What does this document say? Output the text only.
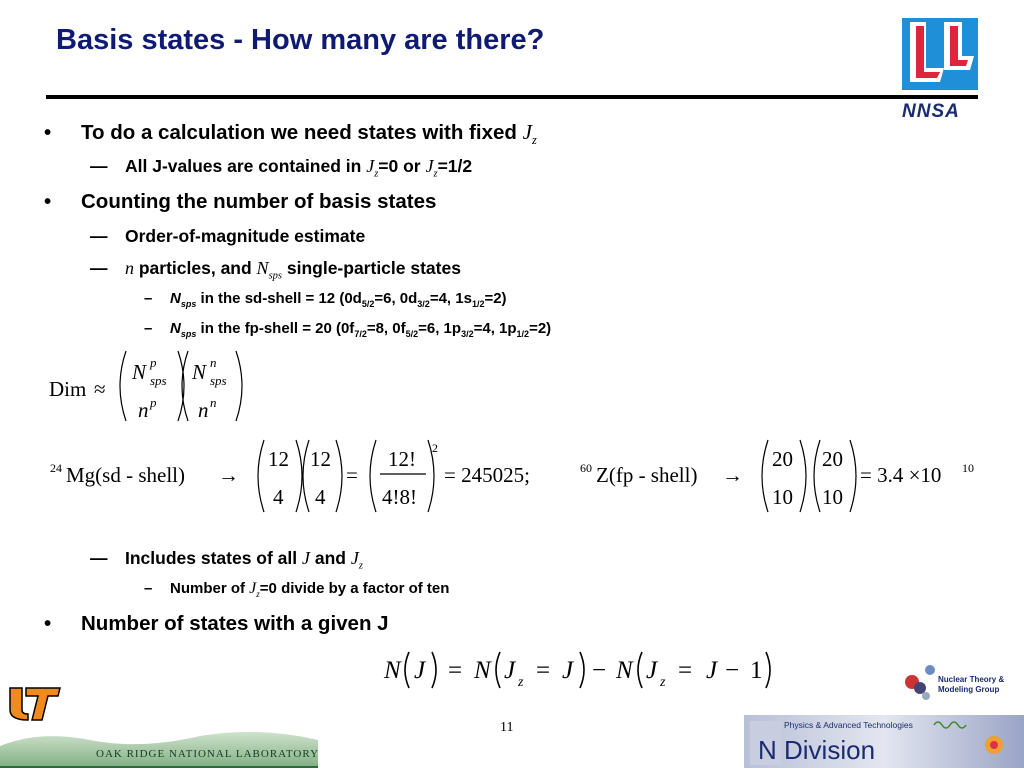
Basis states - How many are there?
NNSA
• To do a calculation we need states with fixed $J_z$
— All J-values are contained in $J_z=0$ or $J_z=1/2$
• Counting the number of basis states
— Order-of-magnitude estimate
— n particles, and $N_{sps}$ single-particle states
– $N_{sps}$ in the sd-shell = 12 ($0d_{5/2}=6$, $0d_{3/2}=4$, $1s_{1/2}=2$)
– $N_{sps}$ in the fp-shell = 20 ($0f_{7/2}=8$, $0f_{5/2}=6$, $1p_{3/2}=4$, $1p_{1/2}=2$)
Dim ≈
N p
sps
n p
N n
sps
n n
24 Mg(sd - shell) →
12
4
12
4
=
12!
4!8!
2
= 245025;	60 Z(fp - shell) →
20
10
20
10
= 3.4 ×10 10
— Includes states of all J and $J_z$
– Number of $J_z=0$ divide by a factor of ten
• Number of states with a given J
N J = N J z = J − N J z = J − 1	Nuclear Theory &
Modeling Group
OAK RIDGE NATIONAL LABORATORY
11	Physics & Advanced Technologies
N Division
